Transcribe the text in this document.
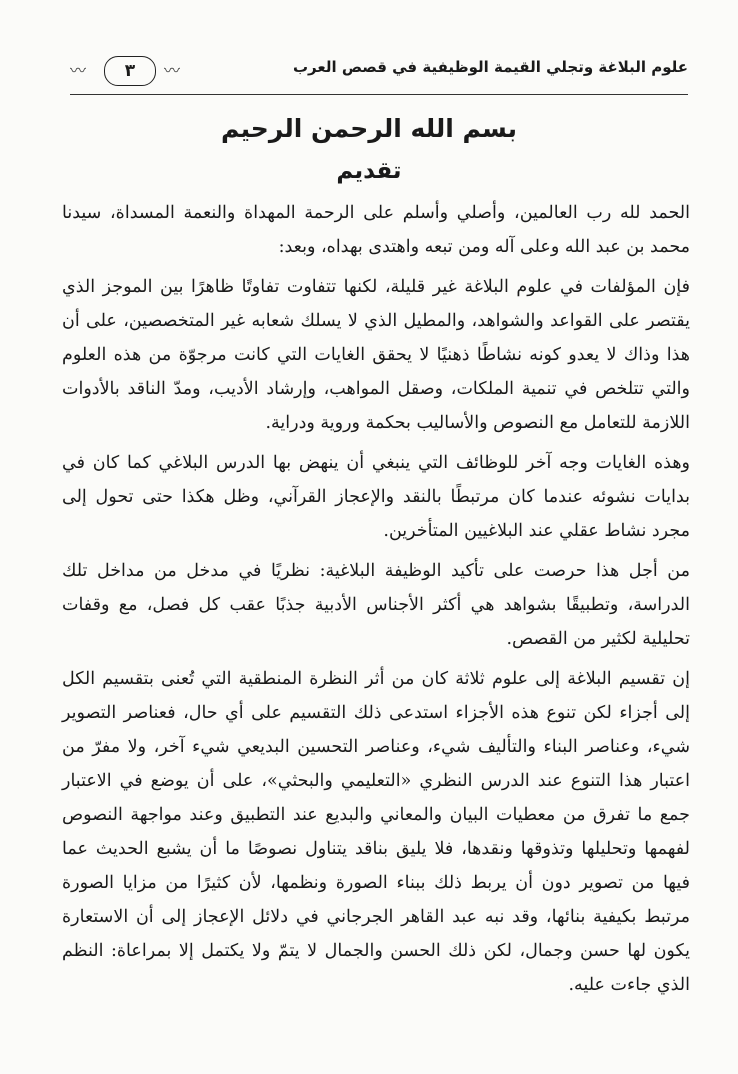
علوم البلاغة وتجلي القيمة الوظيفية في قصص العرب
〰	٣	〰
بسم الله الرحمن الرحيم
تقديم

الحمد لله رب العالمين، وأصلي وأسلم على الرحمة المهداة والنعمة المسداة، سيدنا محمد بن عبد الله وعلى آله ومن تبعه واهتدى بهداه، وبعد:

فإن المؤلفات في علوم البلاغة غير قليلة، لكنها تتفاوت تفاوتًا ظاهرًا بين الموجز الذي يقتصر على القواعد والشواهد، والمطيل الذي لا يسلك شعابه غير المتخصصين، على أن هذا وذاك لا يعدو كونه نشاطًا ذهنيًا لا يحقق الغايات التي كانت مرجوّة من هذه العلوم والتي تتلخص في تنمية الملكات، وصقل المواهب، وإرشاد الأديب، ومدّ الناقد بالأدوات اللازمة للتعامل مع النصوص والأساليب بحكمة وروية ودراية.

وهذه الغايات وجه آخر للوظائف التي ينبغي أن ينهض بها الدرس البلاغي كما كان في بدايات نشوئه عندما كان مرتبطًا بالنقد والإعجاز القرآني، وظل هكذا حتى تحول إلى مجرد نشاط عقلي عند البلاغيين المتأخرين.

من أجل هذا حرصت على تأكيد الوظيفة البلاغية: نظريًا في مدخل من مداخل تلك الدراسة، وتطبيقًا بشواهد هي أكثر الأجناس الأدبية جذبًا عقب كل فصل، مع وقفات تحليلية لكثير من القصص.

إن تقسيم البلاغة إلى علوم ثلاثة كان من أثر النظرة المنطقية التي تُعنى بتقسيم الكل إلى أجزاء لكن تنوع هذه الأجزاء استدعى ذلك التقسيم على أي حال، فعناصر التصوير شيء، وعناصر البناء والتأليف شيء، وعناصر التحسين البديعي شيء آخر، ولا مفرّ من اعتبار هذا التنوع عند الدرس النظري «التعليمي والبحثي»، على أن يوضع في الاعتبار جمع ما تفرق من معطيات البيان والمعاني والبديع عند التطبيق وعند مواجهة النصوص لفهمها وتحليلها وتذوقها ونقدها، فلا يليق بناقد يتناول نصوصًا ما أن يشبع الحديث عما فيها من تصوير دون أن يربط ذلك ببناء الصورة ونظمها، لأن كثيرًا من مزايا الصورة مرتبط بكيفية بنائها، وقد نبه عبد القاهر الجرجاني في دلائل الإعجاز إلى أن الاستعارة يكون لها حسن وجمال، لكن ذلك الحسن والجمال لا يتمّ ولا يكتمل إلا بمراعاة: النظم الذي جاءت عليه.
